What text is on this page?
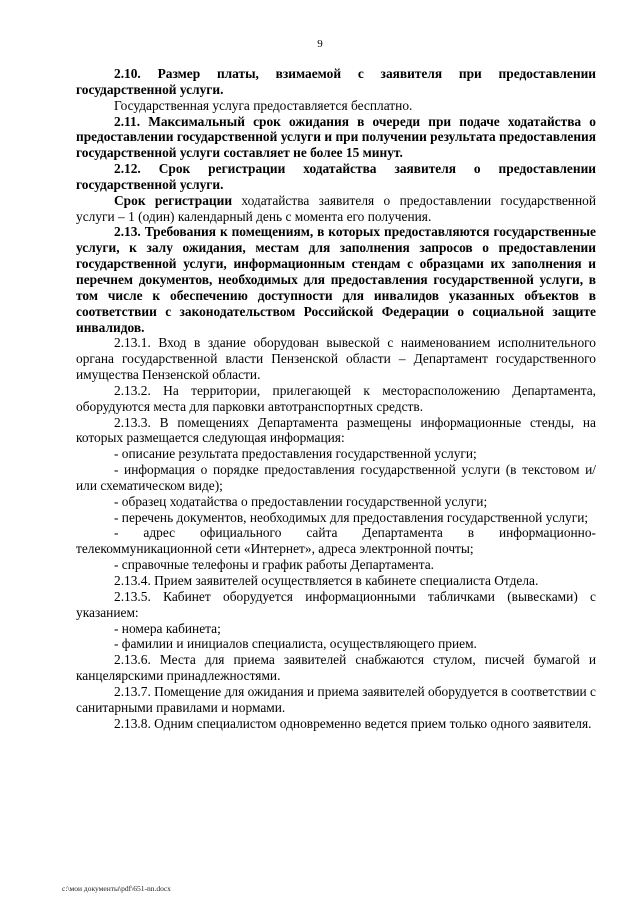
9

2.10. Размер платы, взимаемой с заявителя при предоставлении государственной услуги.

Государственная услуга предоставляется бесплатно.

2.11. Максимальный срок ожидания в очереди при подаче ходатайства о предоставлении государственной услуги и при получении результата предоставления государственной услуги составляет не более 15 минут.

2.12. Срок регистрации ходатайства заявителя о предоставлении государственной услуги.

Срок регистрации ходатайства заявителя о предоставлении государственной услуги – 1 (один) календарный день с момента его получения.

2.13. Требования к помещениям, в которых предоставляются государственные услуги, к залу ожидания, местам для заполнения запросов о предоставлении государственной услуги, информационным стендам с образцами их заполнения и перечнем документов, необходимых для предоставления государственной услуги, в том числе к обеспечению доступности для инвалидов указанных объектов в соответствии с законодательством Российской Федерации о социальной защите инвалидов.

2.13.1. Вход в здание оборудован вывеской с наименованием исполнительного органа государственной власти Пензенской области – Департамент государственного имущества Пензенской области.

2.13.2. На территории, прилегающей к месторасположению Департамента, оборудуются места для парковки автотранспортных средств.

2.13.3. В помещениях Департамента размещены информационные стенды, на которых размещается следующая информация:

- описание результата предоставления государственной услуги;

- информация о порядке предоставления государственной услуги (в текстовом и/или схематическом виде);

- образец ходатайства о предоставлении государственной услуги;

- перечень документов, необходимых для предоставления государственной услуги;

- адрес официального сайта Департамента в информационно-телекоммуникационной сети «Интернет», адреса электронной почты;

- справочные телефоны и график работы Департамента.

2.13.4. Прием заявителей осуществляется в кабинете специалиста Отдела.

2.13.5. Кабинет оборудуется информационными табличками (вывесками) с указанием:

- номера кабинета;

- фамилии и инициалов специалиста, осуществляющего прием.

2.13.6. Места для приема заявителей снабжаются стулом, писчей бумагой и канцелярскими принадлежностями.

2.13.7. Помещение для ожидания и приема заявителей оборудуется в соответствии с санитарными правилами и нормами.

2.13.8. Одним специалистом одновременно ведется прием только одного заявителя.

c:\мои документы\pdf\651-nn.docx
